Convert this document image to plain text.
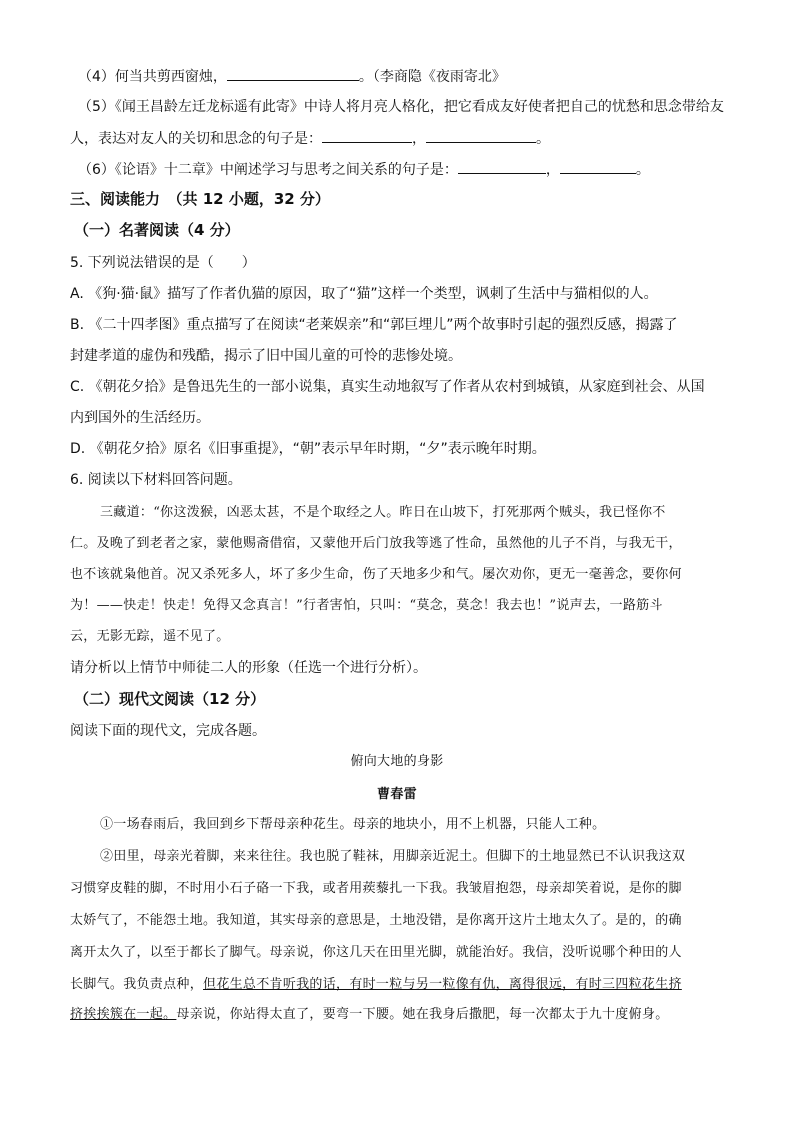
（4）何当共剪西窗烛，	。（李商隐《夜雨寄北》
（5）《闻王昌龄左迁龙标遥有此寄》中诗人将月亮人格化，把它看成友好使者把自己的忧愁和思念带给友
人，表达对友人的关切和思念的句子是：	，	。
（6）《论语》十二章》中阐述学习与思考之间关系的句子是：	，	。
三、阅读能力　（共 12 小题，32 分）
（一）名著阅读（4 分）
5. 下列说法错误的是（　　）
A. 《狗·猫·鼠》描写了作者仇猫的原因，取了“猫”这样一个类型，讽刺了生活中与猫相似的人。
B. 《二十四孝图》重点描写了在阅读“老莱娱亲”和“郭巨埋儿”两个故事时引起的强烈反感，揭露了
封建孝道的虚伪和残酷，揭示了旧中国儿童的可怜的悲惨处境。
C. 《朝花夕拾》是鲁迅先生的一部小说集，真实生动地叙写了作者从农村到城镇，从家庭到社会、从国
内到国外的生活经历。
D. 《朝花夕拾》原名《旧事重提》，“朝”表示早年时期，“夕”表示晚年时期。
6. 阅读以下材料回答问题。
三藏道：“你这泼猴，凶恶太甚，不是个取经之人。昨日在山坡下，打死那两个贼头，我已怪你不
仁。及晚了到老者之家，蒙他赐斋借宿，又蒙他开后门放我等逃了性命，虽然他的儿子不肖，与我无干，
也不该就枭他首。况又杀死多人，坏了多少生命，伤了天地多少和气。屡次劝你，更无一毫善念，要你何
为！——快走！快走！免得又念真言！”行者害怕，只叫：“莫念，莫念！我去也！”说声去，一路筋斗
云，无影无踪，遥不见了。
请分析以上情节中师徒二人的形象（任选一个进行分析）。
（二）现代文阅读（12 分）
阅读下面的现代文，完成各题。
俯向大地的身影
曹春雷
①一场春雨后，我回到乡下帮母亲种花生。母亲的地块小，用不上机器，只能人工种。
②田里，母亲光着脚，来来往往。我也脱了鞋袜，用脚亲近泥土。但脚下的土地显然已不认识我这双
习惯穿皮鞋的脚，不时用小石子硌一下我，或者用蒺藜扎一下我。我皱眉抱怨，母亲却笑着说，是你的脚
太娇气了，不能怨土地。我知道，其实母亲的意思是，土地没错，是你离开这片土地太久了。是的，的确
离开太久了，以至于都长了脚气。母亲说，你这几天在田里光脚，就能治好。我信，没听说哪个种田的人
长脚气。我负责点种，但花生总不肯听我的话，有时一粒与另一粒像有仇，离得很远，有时三四粒花生挤
挤挨挨簇在一起。母亲说，你站得太直了，要弯一下腰。她在我身后撒肥，每一次都太于九十度俯身。
